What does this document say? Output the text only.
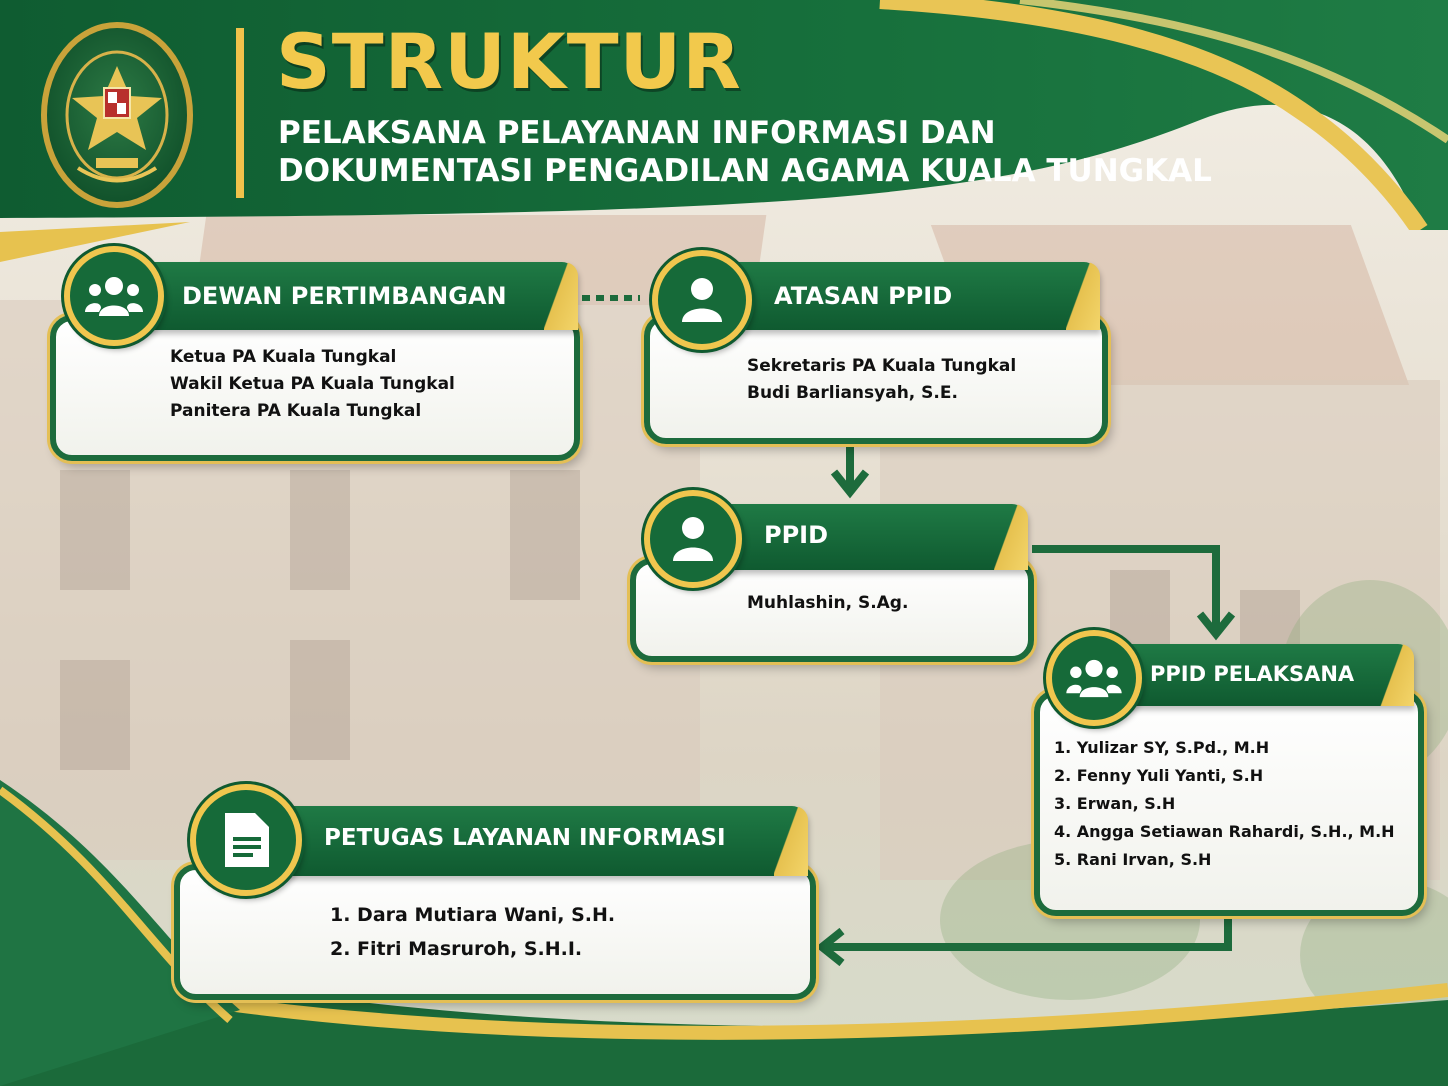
STRUKTUR
PELAKSANA PELAYANAN INFORMASI DAN
DOKUMENTASI PENGADILAN AGAMA KUALA TUNGKAL
DEWAN PERTIMBANGAN
Ketua PA Kuala Tungkal
Wakil Ketua PA Kuala Tungkal
Panitera PA Kuala Tungkal
ATASAN PPID
Sekretaris PA Kuala Tungkal
Budi Barliansyah, S.E.
PPID
Muhlashin, S.Ag.
PPID PELAKSANA
1. Yulizar SY, S.Pd., M.H
2. Fenny Yuli Yanti, S.H
3. Erwan, S.H
4. Angga Setiawan Rahardi, S.H., M.H
5. Rani Irvan, S.H
PETUGAS LAYANAN INFORMASI
1. Dara Mutiara Wani, S.H.
2. Fitri Masruroh, S.H.I.
